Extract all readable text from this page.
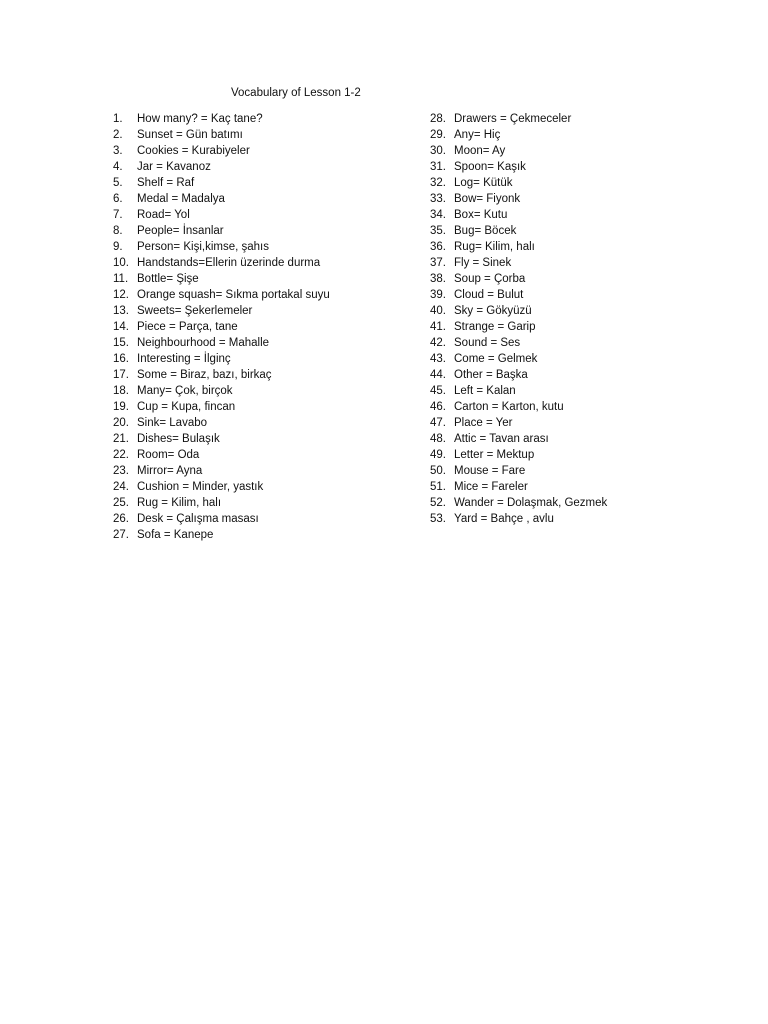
Vocabulary of Lesson 1-2
1. How many? = Kaç tane?
2. Sunset = Gün batımı
3. Cookies = Kurabiyeler
4. Jar = Kavanoz
5. Shelf = Raf
6. Medal = Madalya
7. Road= Yol
8. People= İnsanlar
9. Person= Kişi,kimse, şahıs
10. Handstands=Ellerin üzerinde durma
11. Bottle= Şişe
12. Orange squash= Sıkma portakal suyu
13. Sweets= Şekerlemeler
14. Piece = Parça, tane
15. Neighbourhood = Mahalle
16. Interesting = İlginç
17. Some = Biraz, bazı, birkaç
18. Many= Çok, birçok
19. Cup = Kupa, fincan
20. Sink= Lavabo
21. Dishes= Bulaşık
22. Room= Oda
23. Mirror= Ayna
24. Cushion = Minder, yastık
25. Rug = Kilim, halı
26. Desk = Çalışma masası
27. Sofa = Kanepe
28. Drawers = Çekmeceler
29. Any= Hiç
30. Moon= Ay
31. Spoon= Kaşık
32. Log= Kütük
33. Bow= Fiyonk
34. Box= Kutu
35. Bug= Böcek
36. Rug= Kilim, halı
37. Fly = Sinek
38. Soup = Çorba
39. Cloud = Bulut
40. Sky = Gökyüzü
41. Strange = Garip
42. Sound = Ses
43. Come = Gelmek
44. Other = Başka
45. Left = Kalan
46. Carton = Karton, kutu
47. Place = Yer
48. Attic = Tavan arası
49. Letter = Mektup
50. Mouse = Fare
51. Mice = Fareler
52. Wander = Dolaşmak, Gezmek
53. Yard = Bahçe , avlu
